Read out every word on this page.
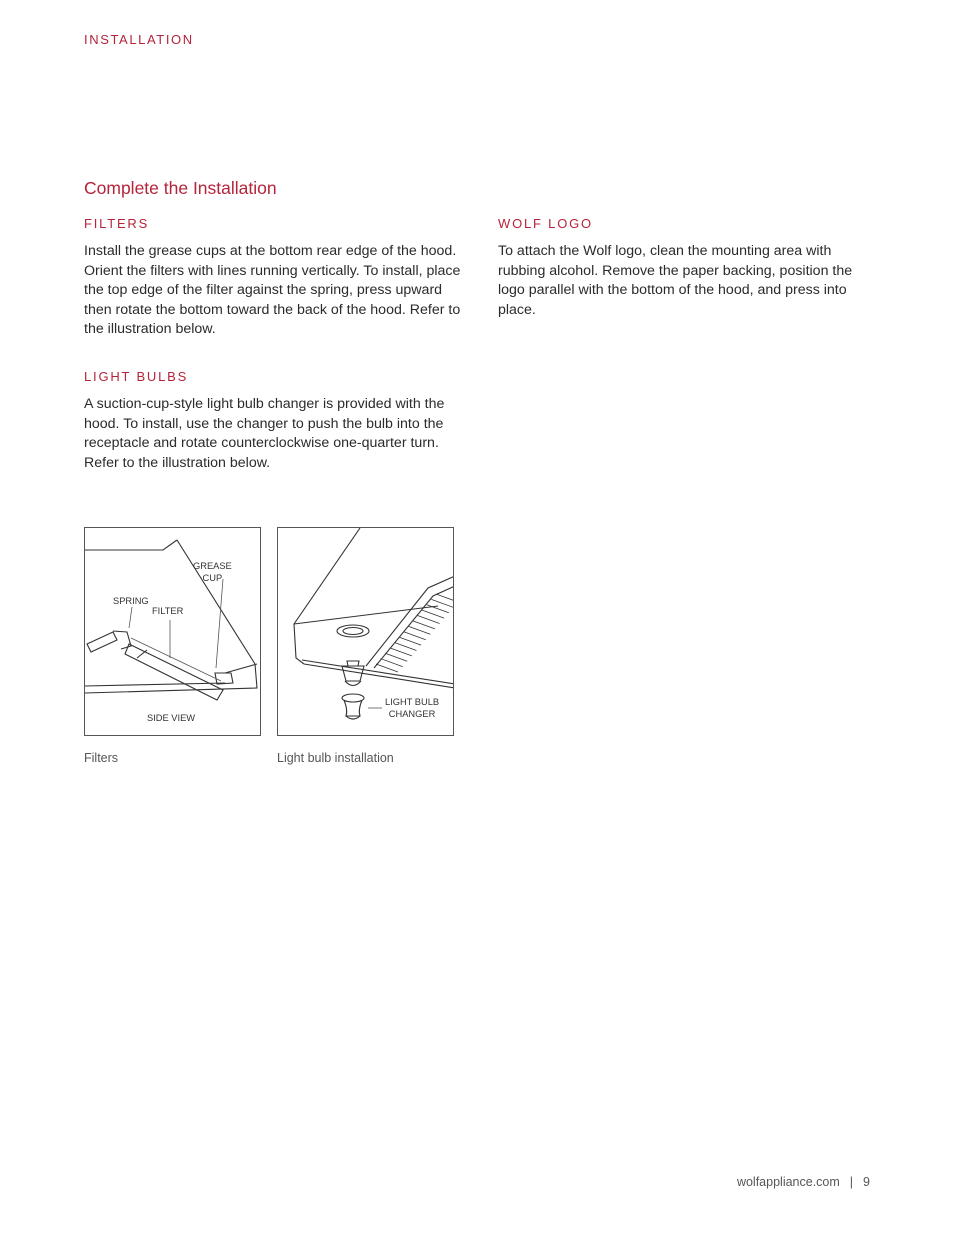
INSTALLATION
Complete the Installation
FILTERS

Install the grease cups at the bottom rear edge of the hood. Orient the filters with lines running vertically. To install, place the top edge of the filter against the spring, press upward then rotate the bottom toward the back of the hood. Refer to the illustration below.

LIGHT BULBS

A suction-cup-style light bulb changer is provided with the hood. To install, use the changer to push the bulb into the receptacle and rotate counterclockwise one-quarter turn. Refer to the illustration below.

WOLF LOGO

To attach the Wolf logo, clean the mounting area with rubbing alcohol. Remove the paper backing, position the logo parallel with the bottom of the hood, and press into place.

GREASE
CUP
SPRING
FILTER
SIDE VIEW
LIGHT BULB
CHANGER
Filters	Light bulb installation
wolfappliance.com | 9
